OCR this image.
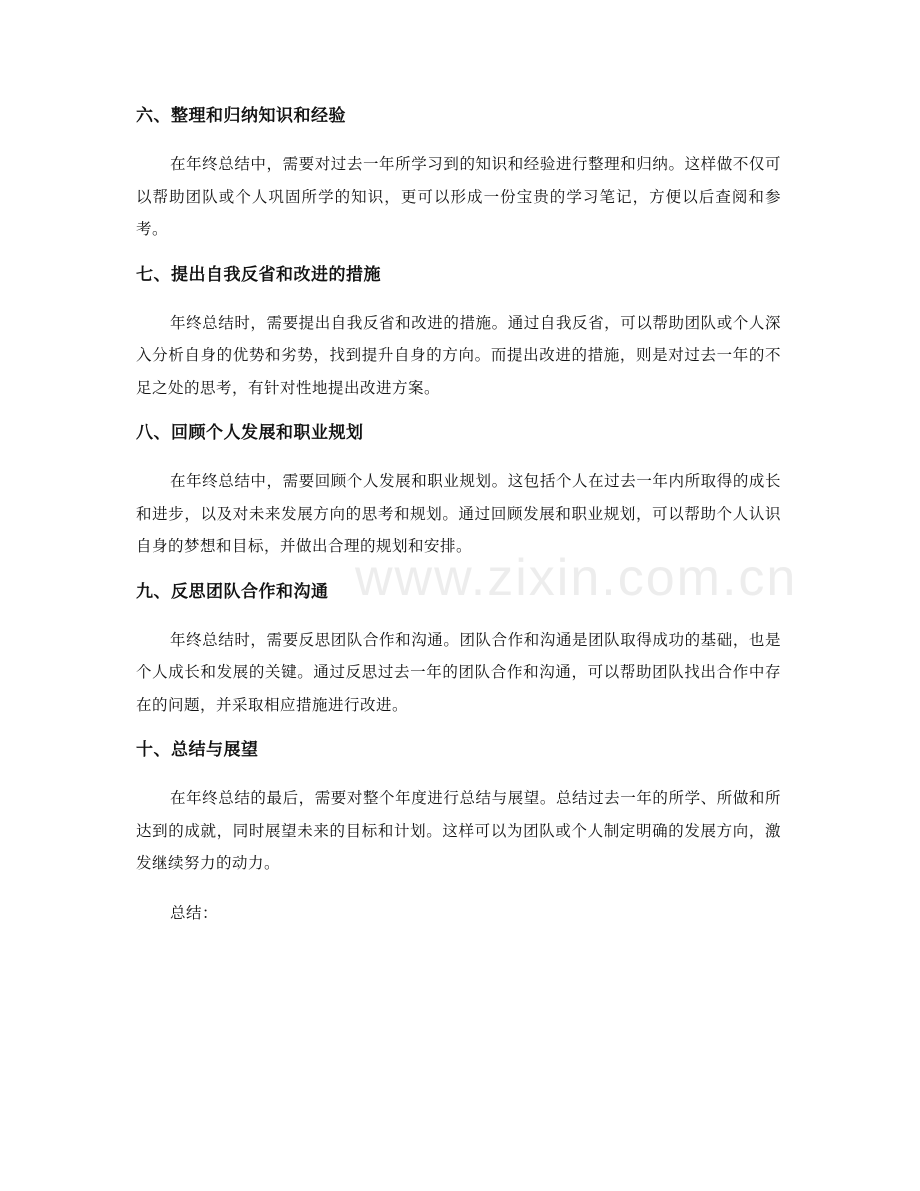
六、整理和归纳知识和经验

在年终总结中，需要对过去一年所学习到的知识和经验进行整理和归纳。这样做不仅可以帮助团队或个人巩固所学的知识，更可以形成一份宝贵的学习笔记，方便以后查阅和参考。

七、提出自我反省和改进的措施

年终总结时，需要提出自我反省和改进的措施。通过自我反省，可以帮助团队或个人深入分析自身的优势和劣势，找到提升自身的方向。而提出改进的措施，则是对过去一年的不足之处的思考，有针对性地提出改进方案。

八、回顾个人发展和职业规划

在年终总结中，需要回顾个人发展和职业规划。这包括个人在过去一年内所取得的成长和进步，以及对未来发展方向的思考和规划。通过回顾发展和职业规划，可以帮助个人认识自身的梦想和目标，并做出合理的规划和安排。

九、反思团队合作和沟通

年终总结时，需要反思团队合作和沟通。团队合作和沟通是团队取得成功的基础，也是个人成长和发展的关键。通过反思过去一年的团队合作和沟通，可以帮助团队找出合作中存在的问题，并采取相应措施进行改进。

十、总结与展望

在年终总结的最后，需要对整个年度进行总结与展望。总结过去一年的所学、所做和所达到的成就，同时展望未来的目标和计划。这样可以为团队或个人制定明确的发展方向，激发继续努力的动力。

总结：

www.zixin.com.cn
